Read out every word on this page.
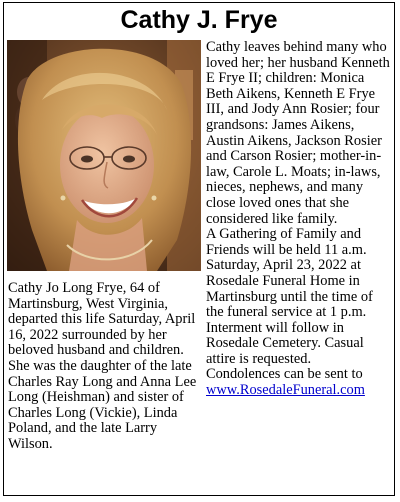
Cathy J. Frye

Cathy Jo Long Frye, 64 of Martinsburg, West Virginia, departed this life Saturday, April 16, 2022 surrounded by her beloved husband and children.

She was the daughter of the late Charles Ray Long and Anna Lee Long (Heishman) and sister of Charles Long (Vickie), Linda Poland, and the late Larry Wilson.

Cathy leaves behind many who loved her; her husband Kenneth E Frye II; children: Monica Beth Aikens, Kenneth E Frye III, and Jody Ann Rosier; four grandsons: James Aikens, Austin Aikens, Jackson Rosier and Carson Rosier; mother-in-law, Carole L. Moats; in-laws, nieces, nephews, and many close loved ones that she considered like family.

A Gathering of Family and Friends will be held 11 a.m. Saturday, April 23, 2022 at Rosedale Funeral Home in Martinsburg until the time of the funeral service at 1 p.m. Interment will follow in Rosedale Cemetery. Casual attire is requested.

Condolences can be sent to www.RosedaleFuneral.com
